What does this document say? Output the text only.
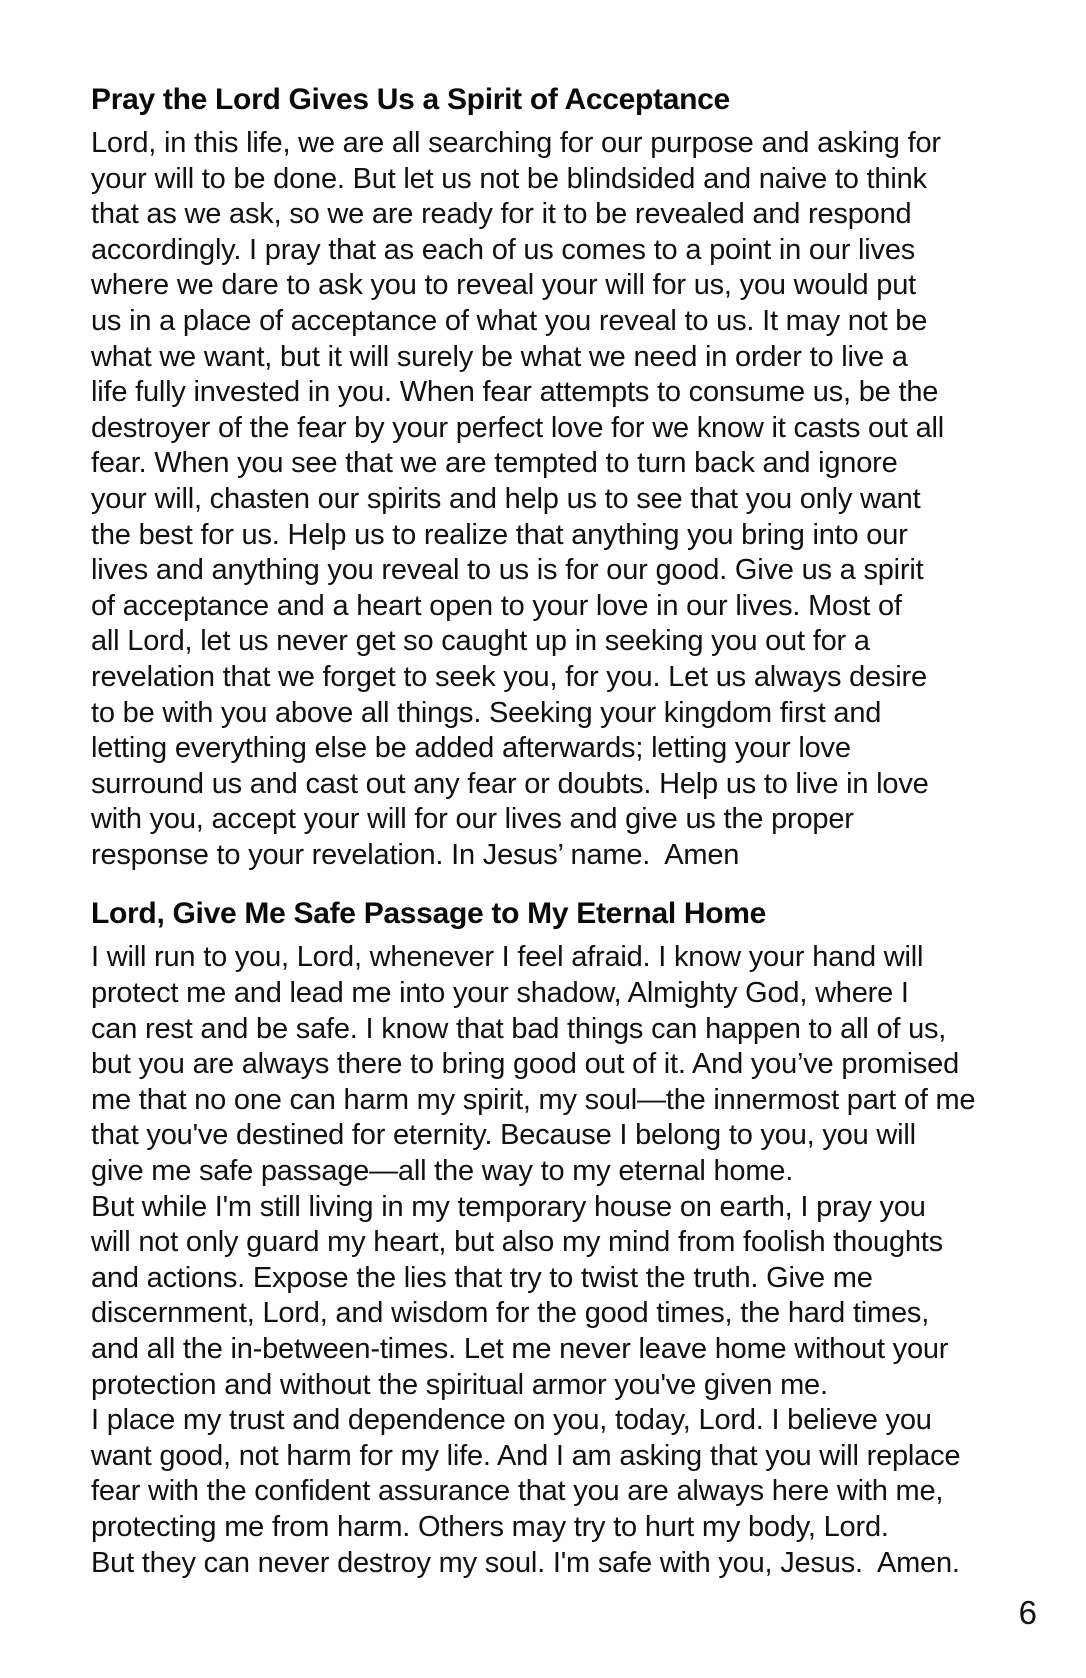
Pray the Lord Gives Us a Spirit of Acceptance
Lord, in this life, we are all searching for our purpose and asking for
your will to be done. But let us not be blindsided and naive to think
that as we ask, so we are ready for it to be revealed and respond
accordingly. I pray that as each of us comes to a point in our lives
where we dare to ask you to reveal your will for us, you would put
us in a place of acceptance of what you reveal to us. It may not be
what we want, but it will surely be what we need in order to live a
life fully invested in you. When fear attempts to consume us, be the
destroyer of the fear by your perfect love for we know it casts out all
fear. When you see that we are tempted to turn back and ignore
your will, chasten our spirits and help us to see that you only want
the best for us. Help us to realize that anything you bring into our
lives and anything you reveal to us is for our good. Give us a spirit
of acceptance and a heart open to your love in our lives. Most of
all Lord, let us never get so caught up in seeking you out for a
revelation that we forget to seek you, for you. Let us always desire
to be with you above all things. Seeking your kingdom first and
letting everything else be added afterwards; letting your love
surround us and cast out any fear or doubts. Help us to live in love
with you, accept your will for our lives and give us the proper
response to your revelation. In Jesus’ name.  Amen
Lord, Give Me Safe Passage to My Eternal Home
I will run to you, Lord, whenever I feel afraid. I know your hand will
protect me and lead me into your shadow, Almighty God, where I
can rest and be safe. I know that bad things can happen to all of us,
but you are always there to bring good out of it. And you’ve promised
me that no one can harm my spirit, my soul—the innermost part of me
that you've destined for eternity. Because I belong to you, you will
give me safe passage—all the way to my eternal home.
But while I'm still living in my temporary house on earth, I pray you
will not only guard my heart, but also my mind from foolish thoughts
and actions. Expose the lies that try to twist the truth. Give me
discernment, Lord, and wisdom for the good times, the hard times,
and all the in-between-times. Let me never leave home without your
protection and without the spiritual armor you've given me.
I place my trust and dependence on you, today, Lord. I believe you
want good, not harm for my life. And I am asking that you will replace
fear with the confident assurance that you are always here with me,
protecting me from harm. Others may try to hurt my body, Lord.
But they can never destroy my soul. I'm safe with you, Jesus.  Amen.
6
